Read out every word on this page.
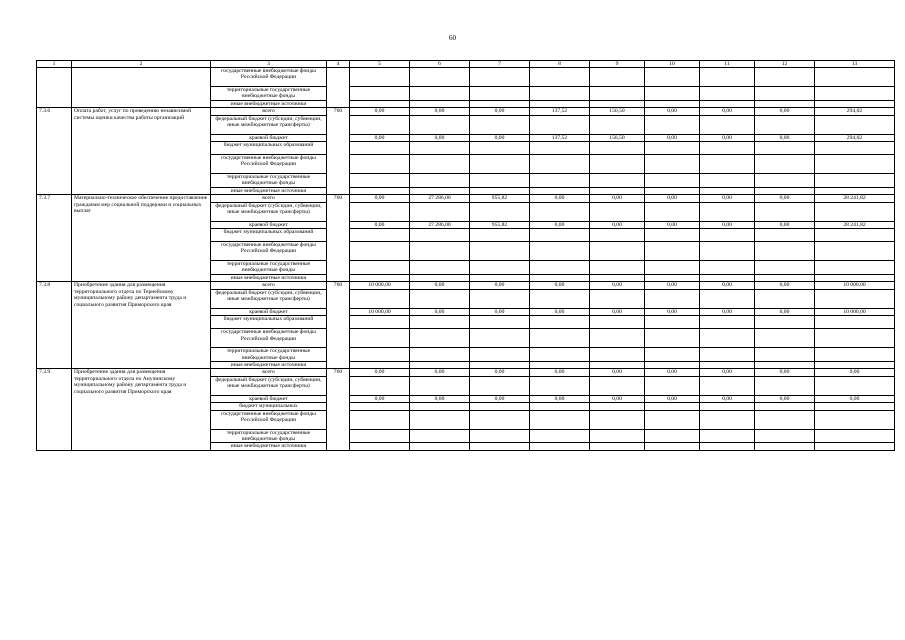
60
1	2	3	4	5	6	7	8	9	10	11	12	13
		государственные внебюджетные фонды Российской Федерации										
		территориальные государственные внебюджетные фонды										
		иные внебюджетные источники										
7.3.6	Оплата работ, услуг по проведению независимой системы оценки качества работы организаций	всего	760	0,00	0,00	0,00	137,52	156,50	0,00	0,00	0,00	294,02
		федеральный бюджет (субсидии, субвенции, иные межбюджетные трансферты)										
		краевой бюджет		0,00	0,00	0,00	137,52	156,50	0,00	0,00	0,00	294,02
		бюджет муниципальных образований										
		государственные внебюджетные фонды Российской Федерации										
		территориальные государственные внебюджетные фонды										
		иные внебюджетные источники										
7.3.7	Материально-техническое обеспечение предоставление гражданам мер социальной поддержки и социальных выплат	всего	760	0,00	27 286,00	955,82	0,00	0,00	0,00	0,00	0,00	28 241,82
		федеральный бюджет (субсидии, субвенции, иные межбюджетные трансферты)										
		краевой бюджет		0,00	27 286,00	955,82	0,00	0,00	0,00	0,00	0,00	28 241,82
		бюджет муниципальных образований										
		государственные внебюджетные фонды Российской Федерации										
		территориальные государственные внебюджетные фонды										
		иные внебюджетные источники										
7.3.8	Приобретение здания для размещения территориального отдела по Тернейскому муниципальному району департамента труда и социального развития Приморского края	всего	760	10 000,00	0,00	0,00	0,00	0,00	0,00	0,00	0,00	10 000,00
		федеральный бюджет (субсидии, субвенции, иные межбюджетные трансферты)										
		краевой бюджет		10 000,00	0,00	0,00	0,00	0,00	0,00	0,00	0,00	10 000,00
		бюджет муниципальных образований										
		государственные внебюджетные фонды Российской Федерации										
		территориальные государственные внебюджетные фонды										
		иные внебюджетные источники										
7.3.9.	Приобретение здания для размещения территориального отдела по Анучинскому муниципальному району департамента труда и социального развития Приморского края	всего	760	0,00	0,00	0,00	0,00	0,00	0,00	0,00	0,00	0,00
		федеральный бюджет (субсидии, субвенции, иные межбюджетные трансферты)										
		краевой бюджет		0,00	0,00	0,00	0,00	0,00	0,00	0,00	0,00	0,00
		бюджет муниципальных										
		государственные внебюджетные фонды Российской Федерации										
		территориальные государственные внебюджетные фонды										
		иные внебюджетные источники										
